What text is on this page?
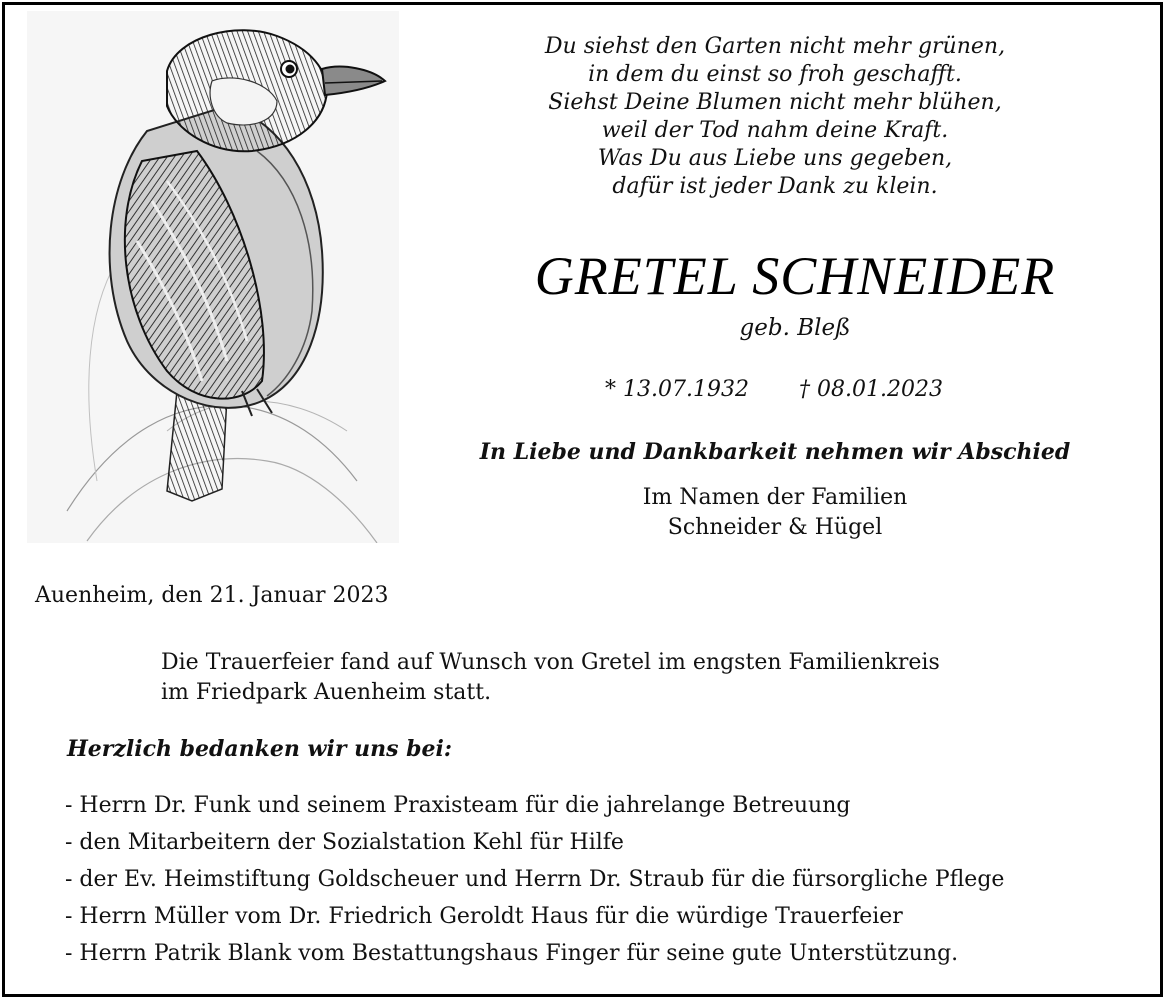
Du siehst den Garten nicht mehr grünen,
in dem du einst so froh geschafft.
Siehst Deine Blumen nicht mehr blühen,
weil der Tod nahm deine Kraft.
Was Du aus Liebe uns gegeben,
dafür ist jeder Dank zu klein.
GRETEL SCHNEIDER
geb. Bleß
* 13.07.1932 † 08.01.2023
In Liebe und Dankbarkeit nehmen wir Abschied
Im Namen der Familien
Schneider & Hügel
Auenheim, den 21. Januar 2023
Die Trauerfeier fand auf Wunsch von Gretel im engsten Familienkreis
im Friedpark Auenheim statt.
Herzlich bedanken wir uns bei:
- Herrn Dr. Funk und seinem Praxisteam für die jahrelange Betreuung
- den Mitarbeitern der Sozialstation Kehl für Hilfe
- der Ev. Heimstiftung Goldscheuer und Herrn Dr. Straub für die fürsorgliche Pflege
- Herrn Müller vom Dr. Friedrich Geroldt Haus für die würdige Trauerfeier
- Herrn Patrik Blank vom Bestattungshaus Finger für seine gute Unterstützung.
